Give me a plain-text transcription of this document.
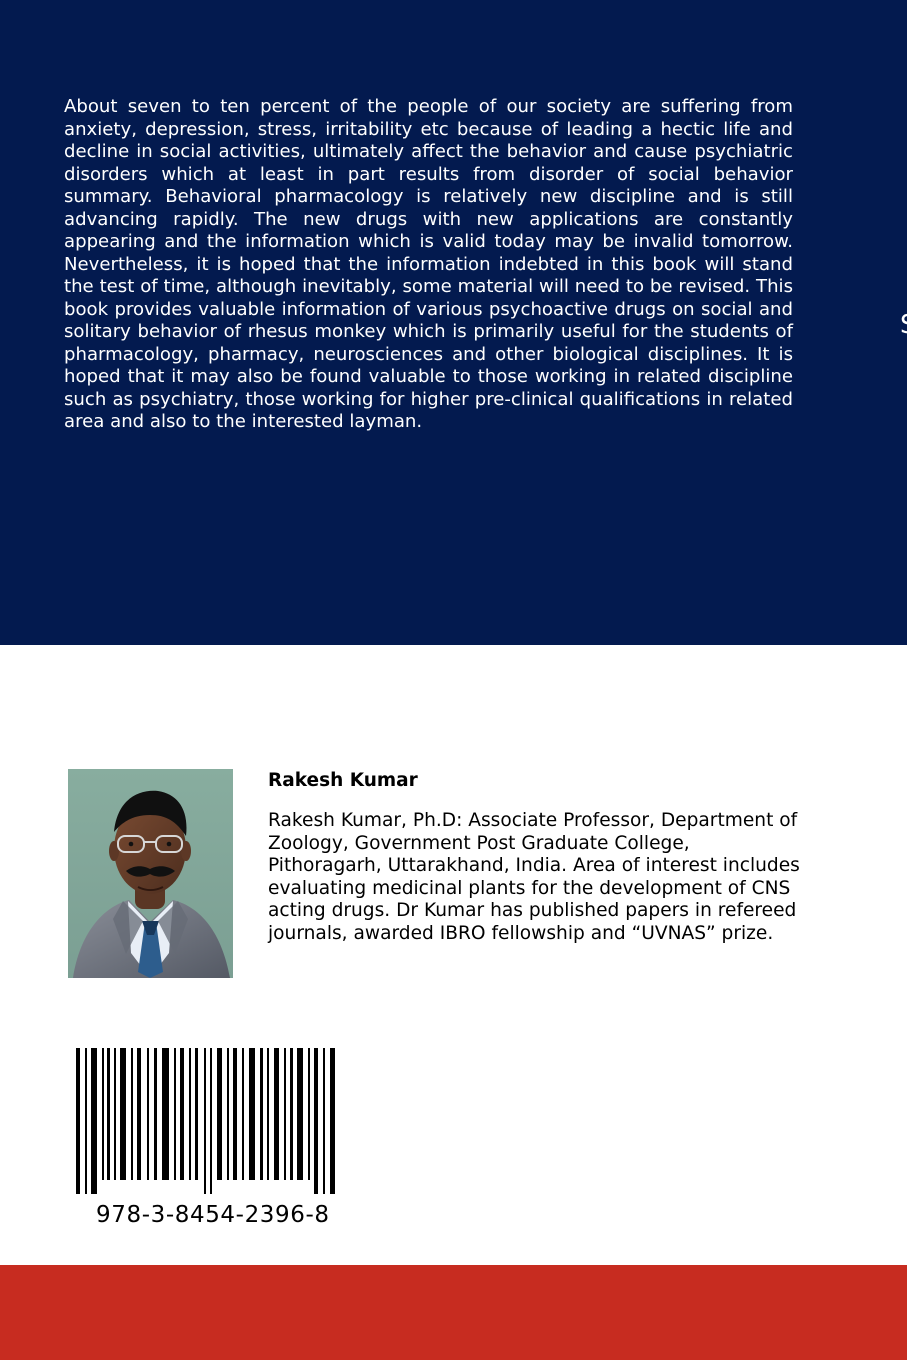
About seven to ten percent of the people of our society are suffering from anxiety, depression, stress, irritability etc because of leading a hectic life and decline in social activities, ultimately affect the behavior and cause psychiatric disorders which at least in part results from disorder of social behavior summary. Behavioral pharmacology is relatively new discipline and is still advancing rapidly. The new drugs with new applications are constantly appearing and the information which is valid today may be invalid tomorrow. Nevertheless, it is hoped that the information indebted in this book will stand the test of time, although inevitably, some material will need to be revised. This book provides valuable information of various psychoactive drugs on social and solitary behavior of rhesus monkey which is primarily useful for the students of pharmacology, pharmacy, neurosciences and other biological disciplines. It is hoped that it may also be found valuable to those working in related discipline such as psychiatry, those working for higher pre-clinical qualifications in related area and also to the interested layman.

S
Rakesh Kumar

Rakesh Kumar, Ph.D: Associate Professor, Department of Zoology, Government Post Graduate College, Pithoragarh, Uttarakhand, India. Area of interest includes evaluating medicinal plants for the development of CNS acting drugs. Dr Kumar has published papers in refereed journals, awarded IBRO fellowship and “UVNAS” prize.

978-3-8454-2396-8
